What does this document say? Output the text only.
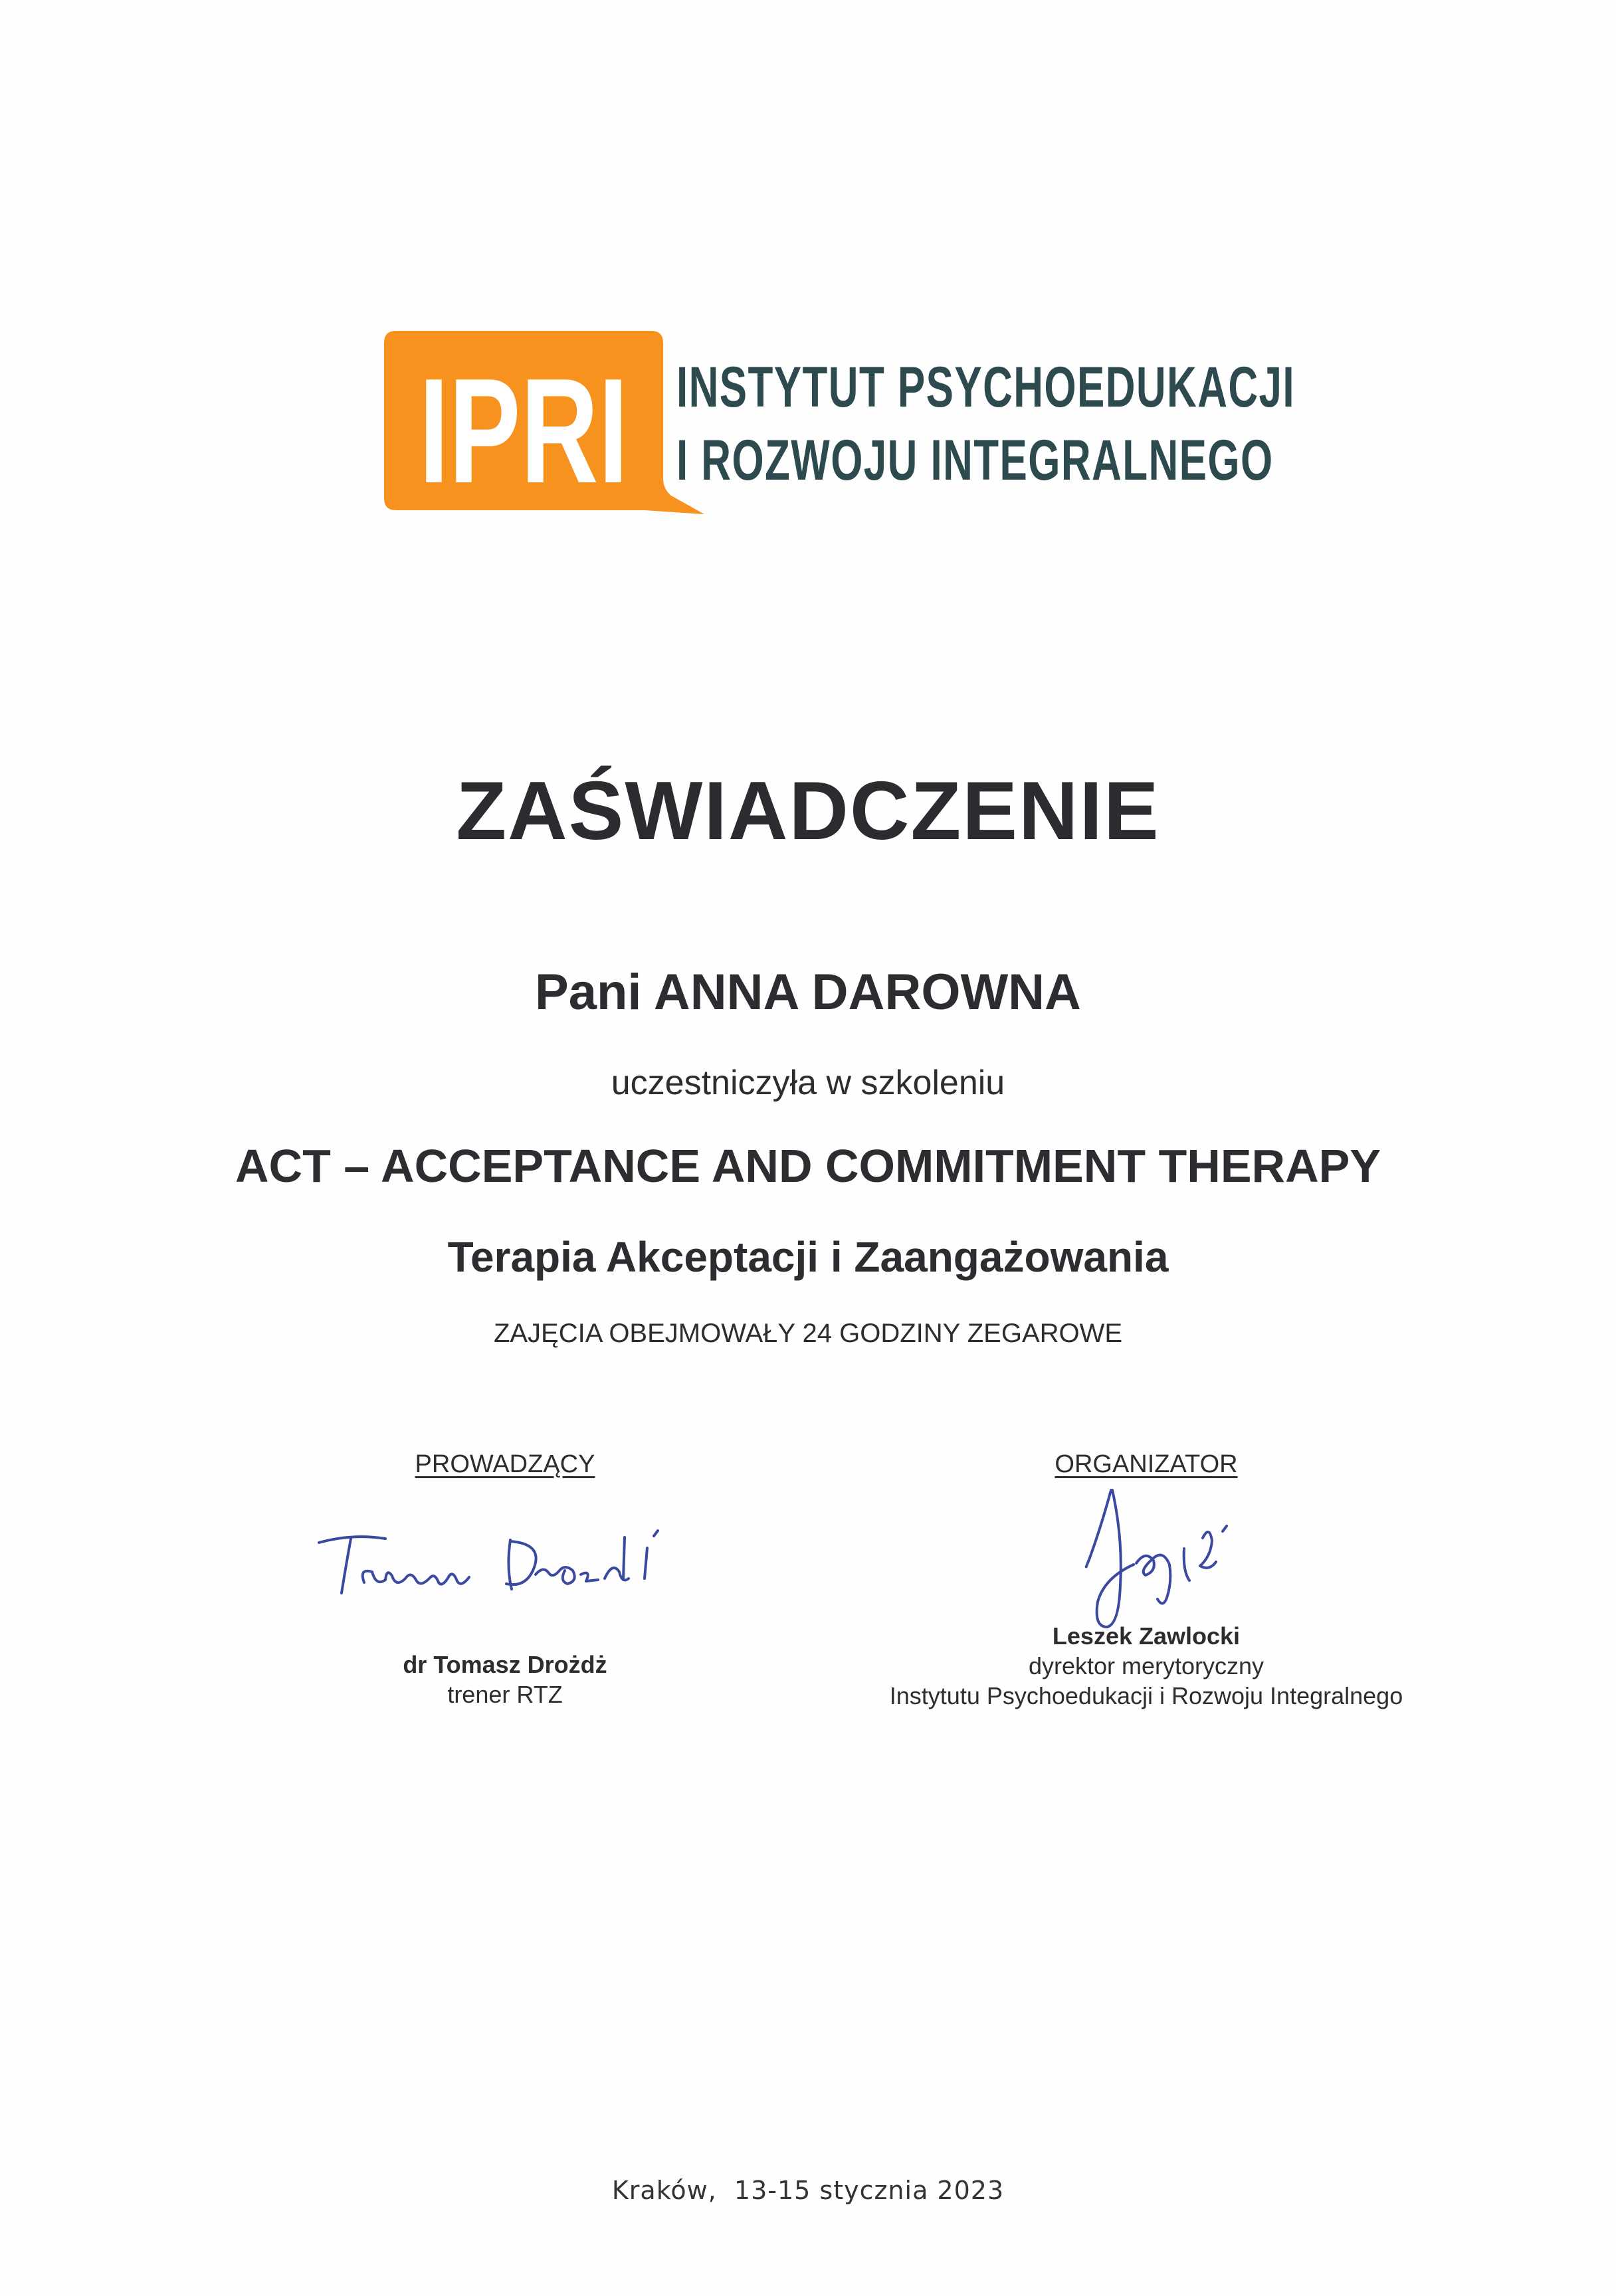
IPRI INSTYTUT PSYCHOEDUKACJI
I ROZWOJU INTEGRALNEGO
ZAŚWIADCZENIE
Pani ANNA DAROWNA
uczestniczyła w szkoleniu
ACT – ACCEPTANCE AND COMMITMENT THERAPY
Terapia Akceptacji i Zaangażowania
ZAJĘCIA OBEJMOWAŁY 24 GODZINY ZEGAROWE
PROWADZĄCY
dr Tomasz Drożdż
trener RTZ
ORGANIZATOR
Leszek Zawlocki
dyrektor merytoryczny
Instytutu Psychoedukacji i Rozwoju Integralnego
Kraków,  13-15 stycznia 2023
